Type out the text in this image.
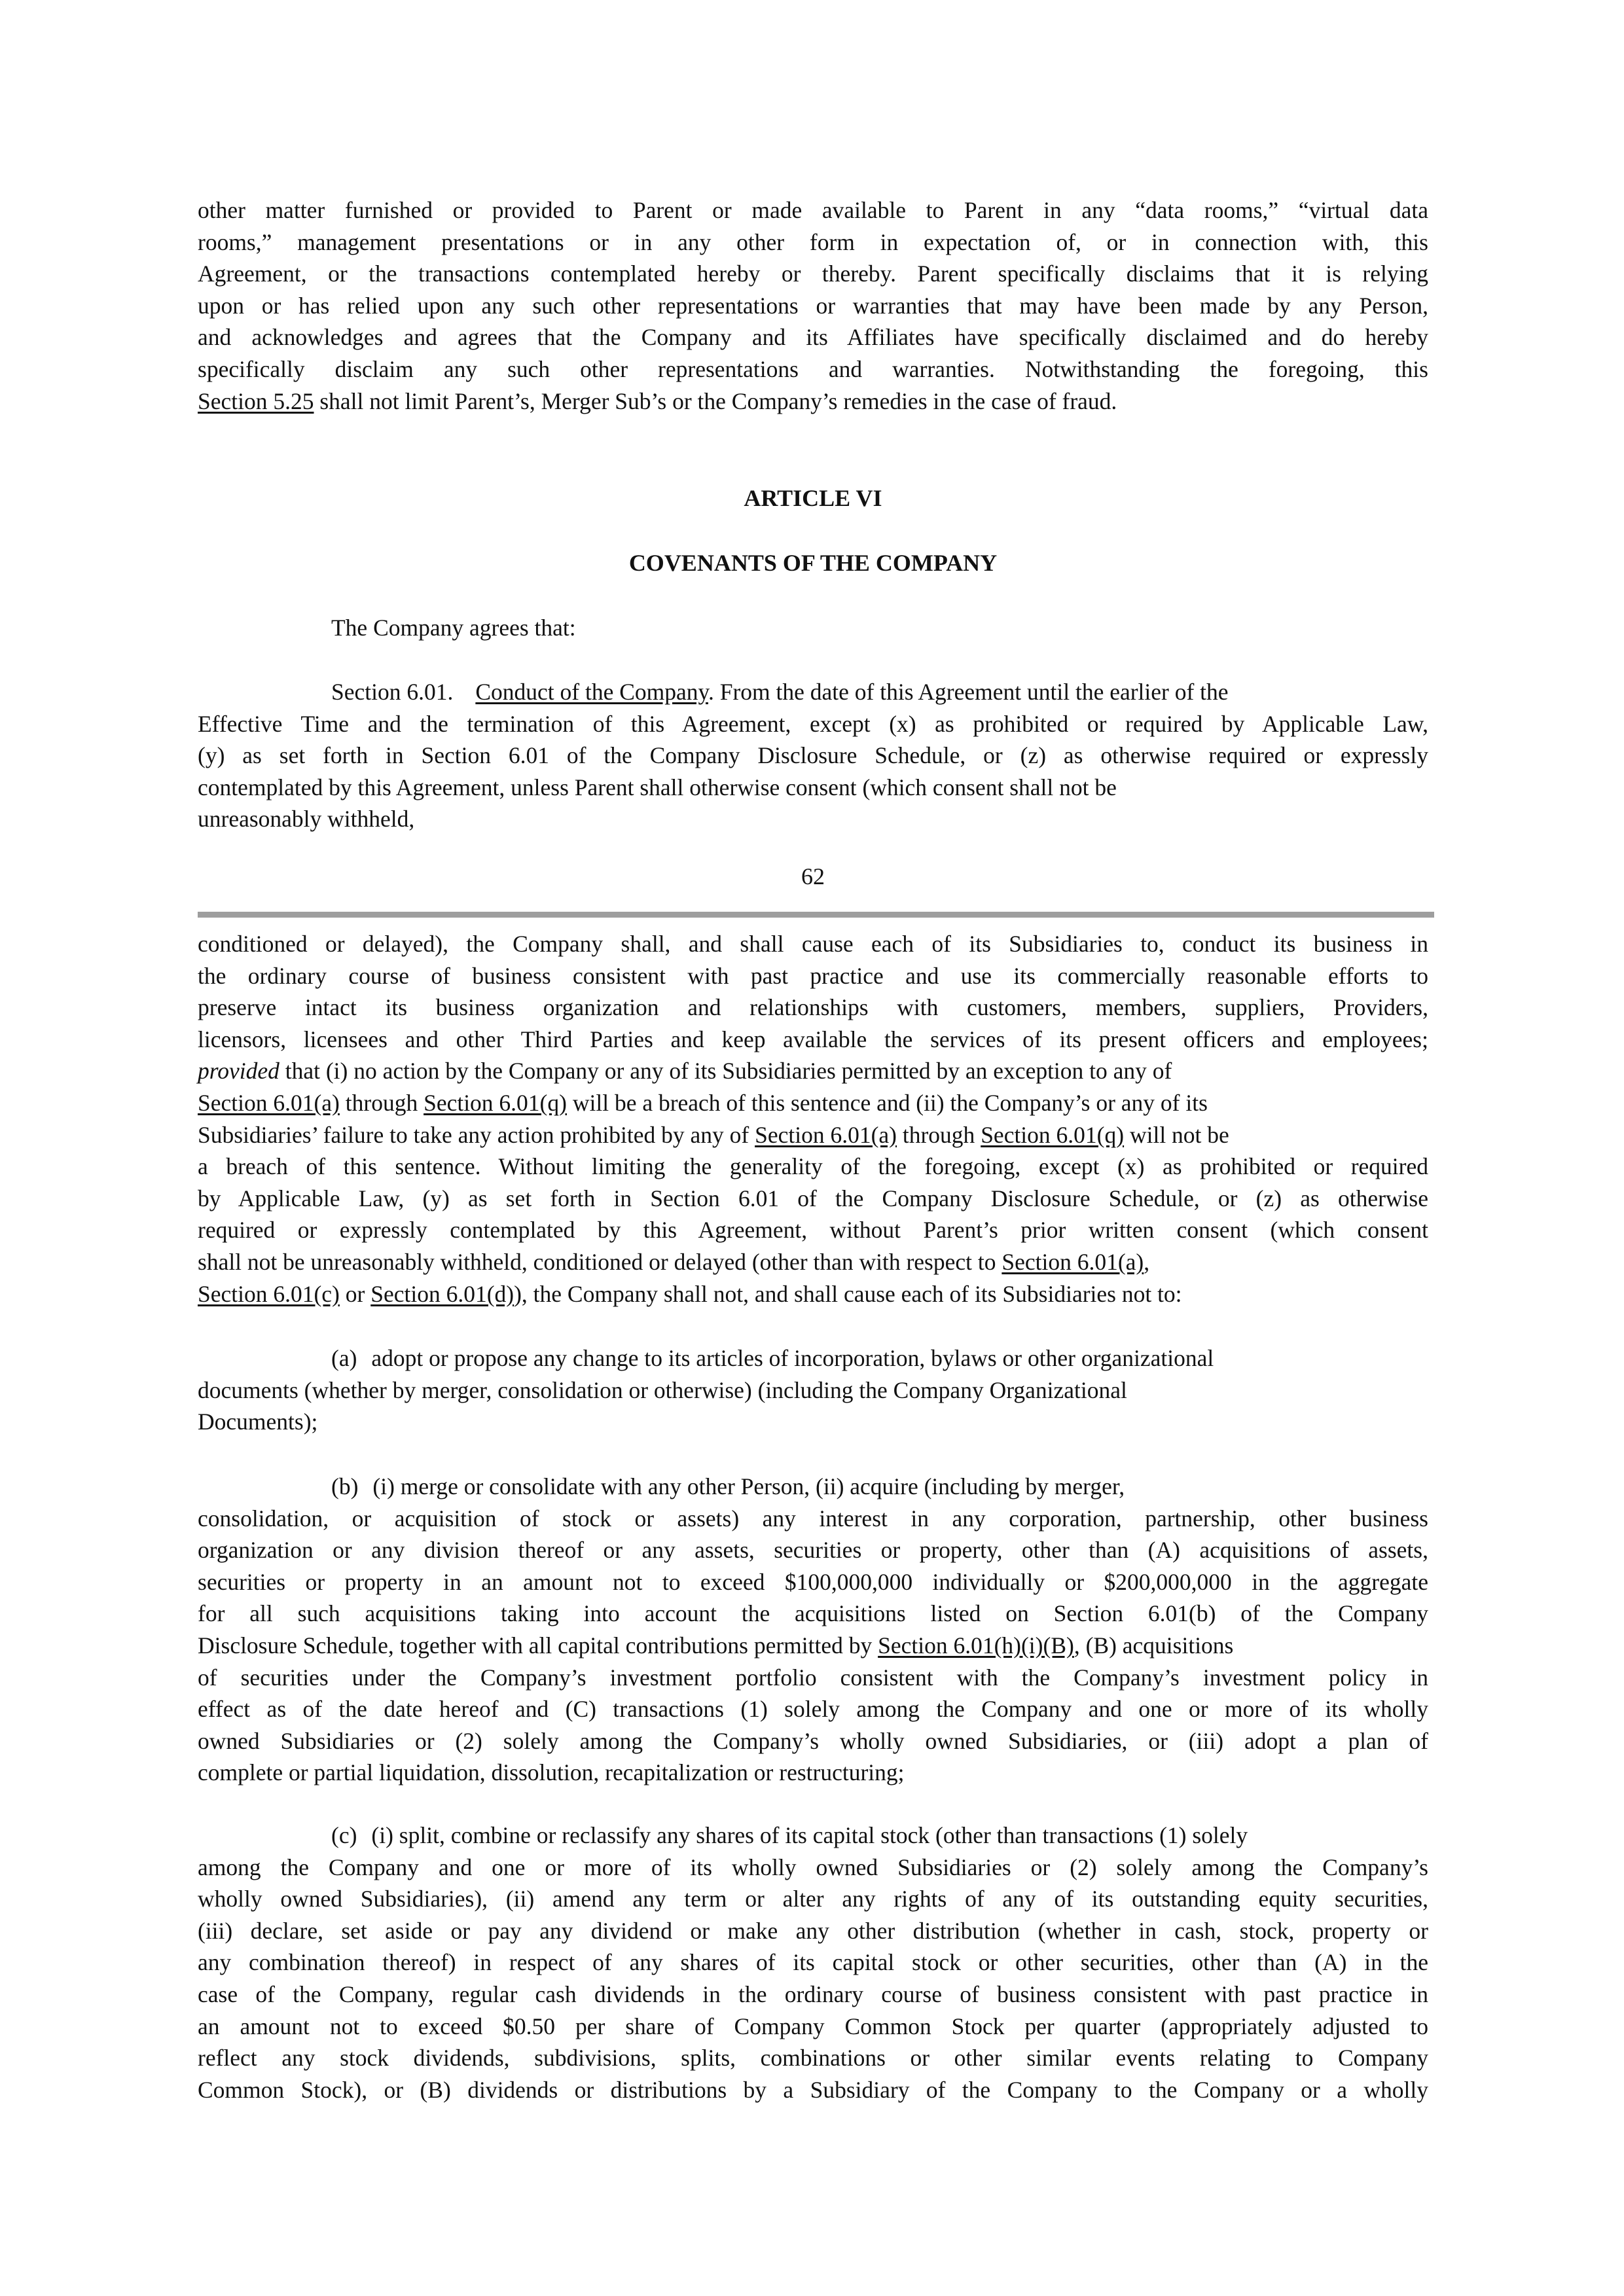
other matter furnished or provided to Parent or made available to Parent in any “data rooms,” “virtual data
rooms,” management presentations or in any other form in expectation of, or in connection with, this
Agreement, or the transactions contemplated hereby or thereby. Parent specifically disclaims that it is relying
upon or has relied upon any such other representations or warranties that may have been made by any Person,
and acknowledges and agrees that the Company and its Affiliates have specifically disclaimed and do hereby
specifically disclaim any such other representations and warranties. Notwithstanding the foregoing, this
Section 5.25 shall not limit Parent’s, Merger Sub’s or the Company’s remedies in the case of fraud.
ARTICLE VI
COVENANTS OF THE COMPANY
The Company agrees that:
Section 6.01. Conduct of the Company. From the date of this Agreement until the earlier of the
Effective Time and the termination of this Agreement, except (x) as prohibited or required by Applicable Law,
(y) as set forth in Section 6.01 of the Company Disclosure Schedule, or (z) as otherwise required or expressly
contemplated by this Agreement, unless Parent shall otherwise consent (which consent shall not be
unreasonably withheld,
62
conditioned or delayed), the Company shall, and shall cause each of its Subsidiaries to, conduct its business in
the ordinary course of business consistent with past practice and use its commercially reasonable efforts to
preserve intact its business organization and relationships with customers, members, suppliers, Providers,
licensors, licensees and other Third Parties and keep available the services of its present officers and employees;
provided that (i) no action by the Company or any of its Subsidiaries permitted by an exception to any of
Section 6.01(a) through Section 6.01(q) will be a breach of this sentence and (ii) the Company’s or any of its
Subsidiaries’ failure to take any action prohibited by any of Section 6.01(a) through Section 6.01(q) will not be
a breach of this sentence. Without limiting the generality of the foregoing, except (x) as prohibited or required
by Applicable Law, (y) as set forth in Section 6.01 of the Company Disclosure Schedule, or (z) as otherwise
required or expressly contemplated by this Agreement, without Parent’s prior written consent (which consent
shall not be unreasonably withheld, conditioned or delayed (other than with respect to Section 6.01(a),
Section 6.01(c) or Section 6.01(d)), the Company shall not, and shall cause each of its Subsidiaries not to:
(a) adopt or propose any change to its articles of incorporation, bylaws or other organizational
documents (whether by merger, consolidation or otherwise) (including the Company Organizational
Documents);
(b) (i) merge or consolidate with any other Person, (ii) acquire (including by merger,
consolidation, or acquisition of stock or assets) any interest in any corporation, partnership, other business
organization or any division thereof or any assets, securities or property, other than (A) acquisitions of assets,
securities or property in an amount not to exceed $100,000,000 individually or $200,000,000 in the aggregate
for all such acquisitions taking into account the acquisitions listed on Section 6.01(b) of the Company
Disclosure Schedule, together with all capital contributions permitted by Section 6.01(h)(i)(B), (B) acquisitions
of securities under the Company’s investment portfolio consistent with the Company’s investment policy in
effect as of the date hereof and (C) transactions (1) solely among the Company and one or more of its wholly
owned Subsidiaries or (2) solely among the Company’s wholly owned Subsidiaries, or (iii) adopt a plan of
complete or partial liquidation, dissolution, recapitalization or restructuring;
(c) (i) split, combine or reclassify any shares of its capital stock (other than transactions (1) solely
among the Company and one or more of its wholly owned Subsidiaries or (2) solely among the Company’s
wholly owned Subsidiaries), (ii) amend any term or alter any rights of any of its outstanding equity securities,
(iii) declare, set aside or pay any dividend or make any other distribution (whether in cash, stock, property or
any combination thereof) in respect of any shares of its capital stock or other securities, other than (A) in the
case of the Company, regular cash dividends in the ordinary course of business consistent with past practice in
an amount not to exceed $0.50 per share of Company Common Stock per quarter (appropriately adjusted to
reflect any stock dividends, subdivisions, splits, combinations or other similar events relating to Company
Common Stock), or (B) dividends or distributions by a Subsidiary of the Company to the Company or a wholly
